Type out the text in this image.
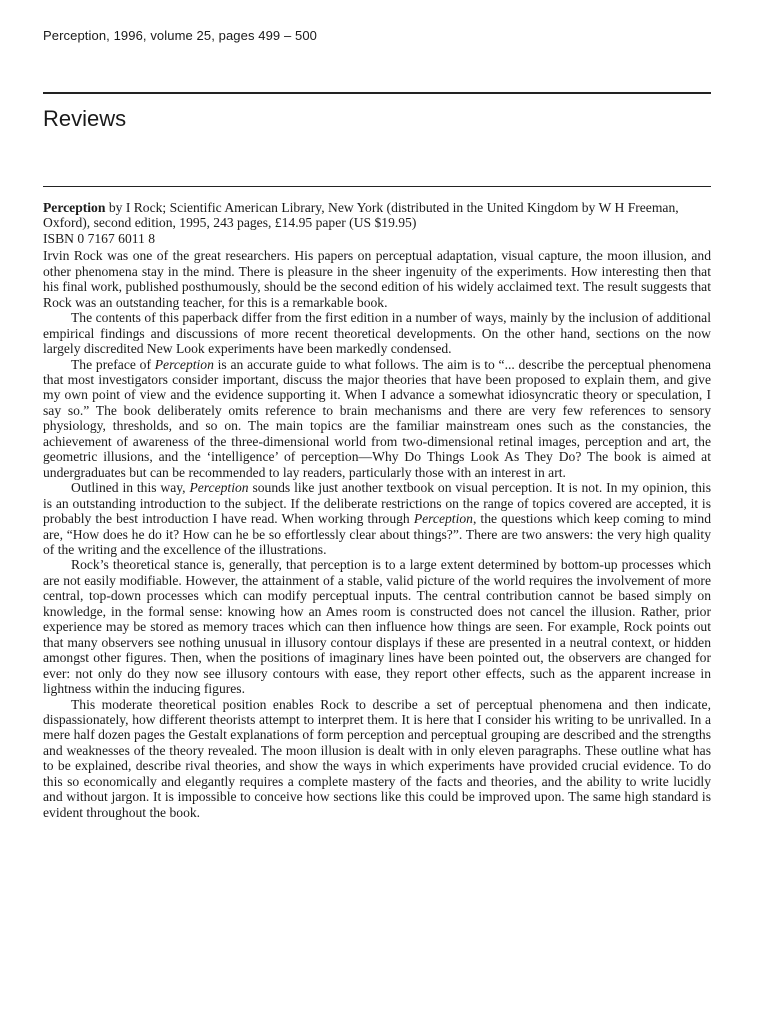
Perception, 1996, volume 25, pages 499 – 500
Reviews

Perception by I Rock; Scientific American Library, New York (distributed in the United Kingdom by W H Freeman, Oxford), second edition, 1995, 243 pages, £14.95 paper (US $19.95)
ISBN 0 7167 6011 8

Irvin Rock was one of the great researchers. His papers on perceptual adaptation, visual capture, the moon illusion, and other phenomena stay in the mind. There is pleasure in the sheer ingenuity of the experiments. How interesting then that his final work, published posthumously, should be the second edition of his widely acclaimed text. The result suggests that Rock was an outstanding teacher, for this is a remarkable book.

The contents of this paperback differ from the first edition in a number of ways, mainly by the inclusion of additional empirical findings and discussions of more recent theoretical developments. On the other hand, sections on the now largely discredited New Look experiments have been markedly condensed.

The preface of Perception is an accurate guide to what follows. The aim is to “... describe the perceptual phenomena that most investigators consider important, discuss the major theories that have been proposed to explain them, and give my own point of view and the evidence supporting it. When I advance a somewhat idiosyncratic theory or speculation, I say so.” The book deliberately omits reference to brain mechanisms and there are very few references to sensory physiology, thresholds, and so on. The main topics are the familiar mainstream ones such as the constancies, the achievement of awareness of the three-dimensional world from two-dimensional retinal images, perception and art, the geometric illusions, and the ‘intelligence’ of perception—Why Do Things Look As They Do? The book is aimed at undergraduates but can be recommended to lay readers, particularly those with an interest in art.

Outlined in this way, Perception sounds like just another textbook on visual perception. It is not. In my opinion, this is an outstanding introduction to the subject. If the deliberate restrictions on the range of topics covered are accepted, it is probably the best introduction I have read. When working through Perception, the questions which keep coming to mind are, “How does he do it? How can he be so effortlessly clear about things?”. There are two answers: the very high quality of the writing and the excellence of the illustrations.

Rock’s theoretical stance is, generally, that perception is to a large extent determined by bottom-up processes which are not easily modifiable. However, the attainment of a stable, valid picture of the world requires the involvement of more central, top-down processes which can modify perceptual inputs. The central contribution cannot be based simply on knowledge, in the formal sense: knowing how an Ames room is constructed does not cancel the illusion. Rather, prior experience may be stored as memory traces which can then influence how things are seen. For example, Rock points out that many observers see nothing unusual in illusory contour displays if these are presented in a neutral context, or hidden amongst other figures. Then, when the positions of imaginary lines have been pointed out, the observers are changed for ever: not only do they now see illusory contours with ease, they report other effects, such as the apparent increase in lightness within the inducing figures.

This moderate theoretical position enables Rock to describe a set of perceptual phenomena and then indicate, dispassionately, how different theorists attempt to interpret them. It is here that I consider his writing to be unrivalled. In a mere half dozen pages the Gestalt explanations of form perception and perceptual grouping are described and the strengths and weaknesses of the theory revealed. The moon illusion is dealt with in only eleven paragraphs. These outline what has to be explained, describe rival theories, and show the ways in which experiments have provided crucial evidence. To do this so economically and elegantly requires a complete mastery of the facts and theories, and the ability to write lucidly and without jargon. It is impossible to conceive how sections like this could be improved upon. The same high standard is evident throughout the book.
